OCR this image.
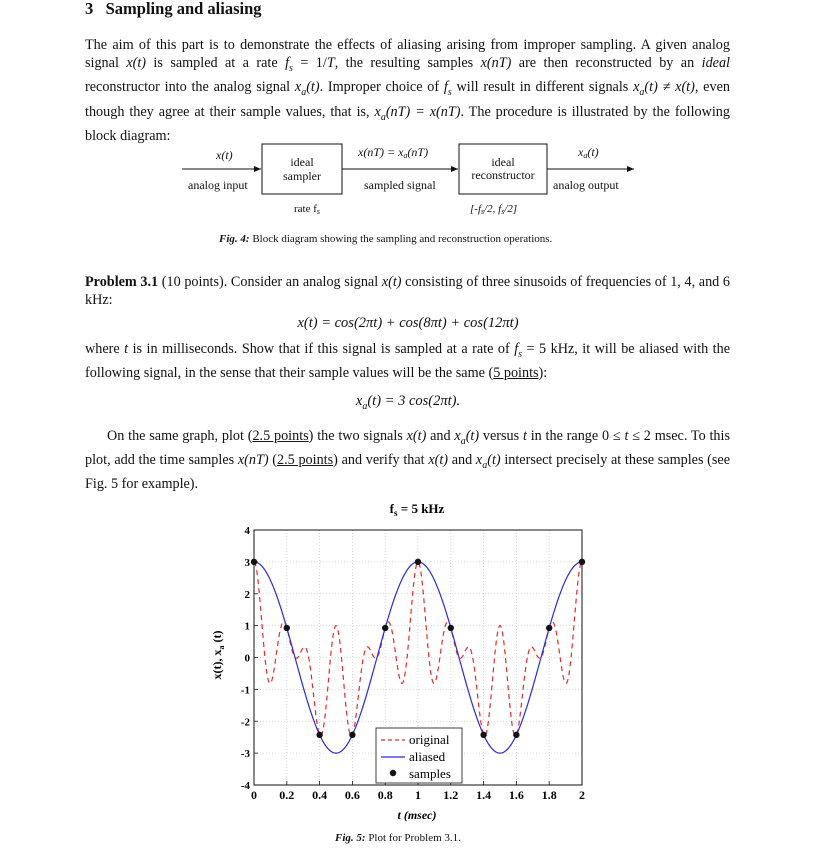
3 Sampling and aliasing

The aim of this part is to demonstrate the effects of aliasing arising from improper sampling. A given analog signal x(t) is sampled at a rate $f_s = 1/T$, the resulting samples x(nT) are then reconstructed by an ideal reconstructor into the analog signal $x_a(t)$. Improper choice of $f_s$ will result in different signals $x_a(t) \ne x(t)$, even though they agree at their sample values, that is, $x_a(nT) = x(nT)$. The procedure is illustrated by the following block diagram:

x(t)
analog input
ideal
sampler
rate fs
x(nT) = xa(nT)
sampled signal
ideal
reconstructor
[-fs/2, fs/2]
xa(t)
analog output
Fig. 4: Block diagram showing the sampling and reconstruction operations.

Problem 3.1 (10 points). Consider an analog signal x(t) consisting of three sinusoids of frequencies of 1, 4, and 6 kHz:

x(t) = cos(2πt) + cos(8πt) + cos(12πt)

where t is in milliseconds. Show that if this signal is sampled at a rate of $f_s = 5$ kHz, it will be aliased with the following signal, in the sense that their sample values will be the same (5 points):

$x_a(t) = 3$ cos(2πt).

On the same graph, plot (2.5 points) the two signals x(t) and $x_a(t)$ versus t in the range 0 ≤ t ≤ 2 msec. To this plot, add the time samples x(nT) (2.5 points) and verify that x(t) and $x_a(t)$ intersect precisely at these samples (see Fig. 5 for example).

$f_s = 5$ kHz
0 0.2 0.4 0.6 0.8 1 1.2 1.4 1.6 1.8 2
-4
-3
-2
-1
0
1
2
3
4
t (msec)
x(t), $x_a$ (t)
original
aliased
samples
Fig. 5: Plot for Problem 3.1.
